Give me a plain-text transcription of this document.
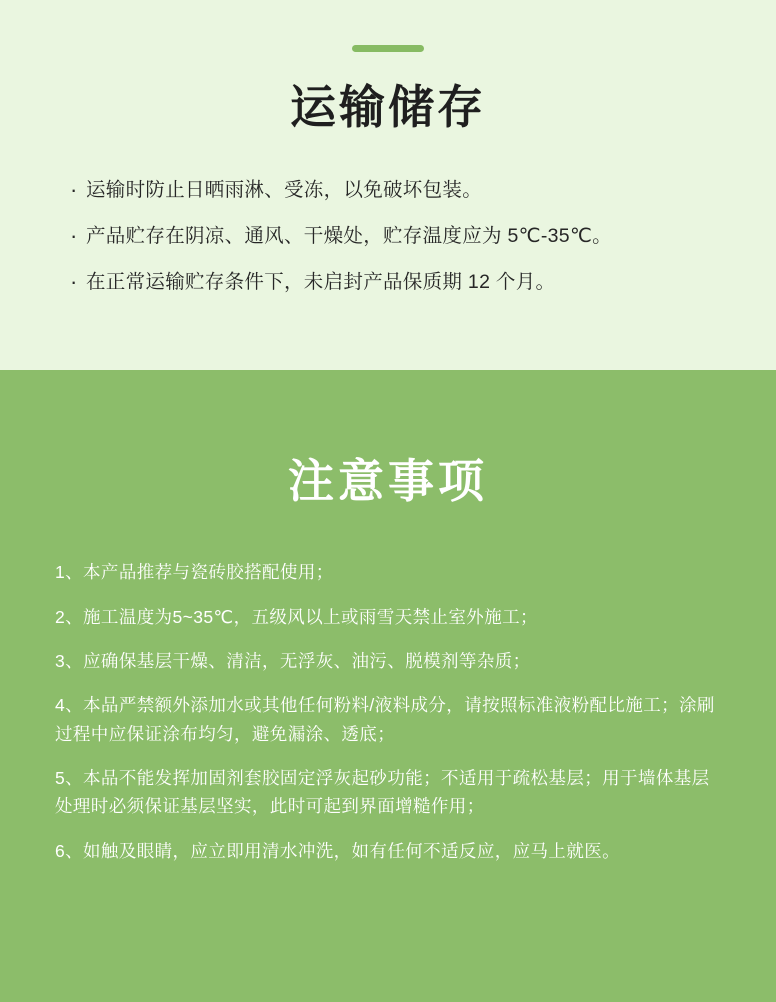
运输储存
· 运输时防止日晒雨淋、受冻，以免破坏包装。
· 产品贮存在阴凉、通风、干燥处，贮存温度应为 5℃-35℃。
· 在正常运输贮存条件下，未启封产品保质期 12 个月。
注意事项
1、本产品推荐与瓷砖胶搭配使用；
2、施工温度为5~35℃，五级风以上或雨雪天禁止室外施工；
3、应确保基层干燥、清洁，无浮灰、油污、脱模剂等杂质；
4、本品严禁额外添加水或其他任何粉料/液料成分，请按照标准液粉配比施工；涂刷过程中应保证涂布均匀，避免漏涂、透底；
5、本品不能发挥加固剂套胶固定浮灰起砂功能；不适用于疏松基层；用于墙体基层处理时必须保证基层坚实，此时可起到界面增糙作用；
6、如触及眼睛，应立即用清水冲洗，如有任何不适反应，应马上就医。
